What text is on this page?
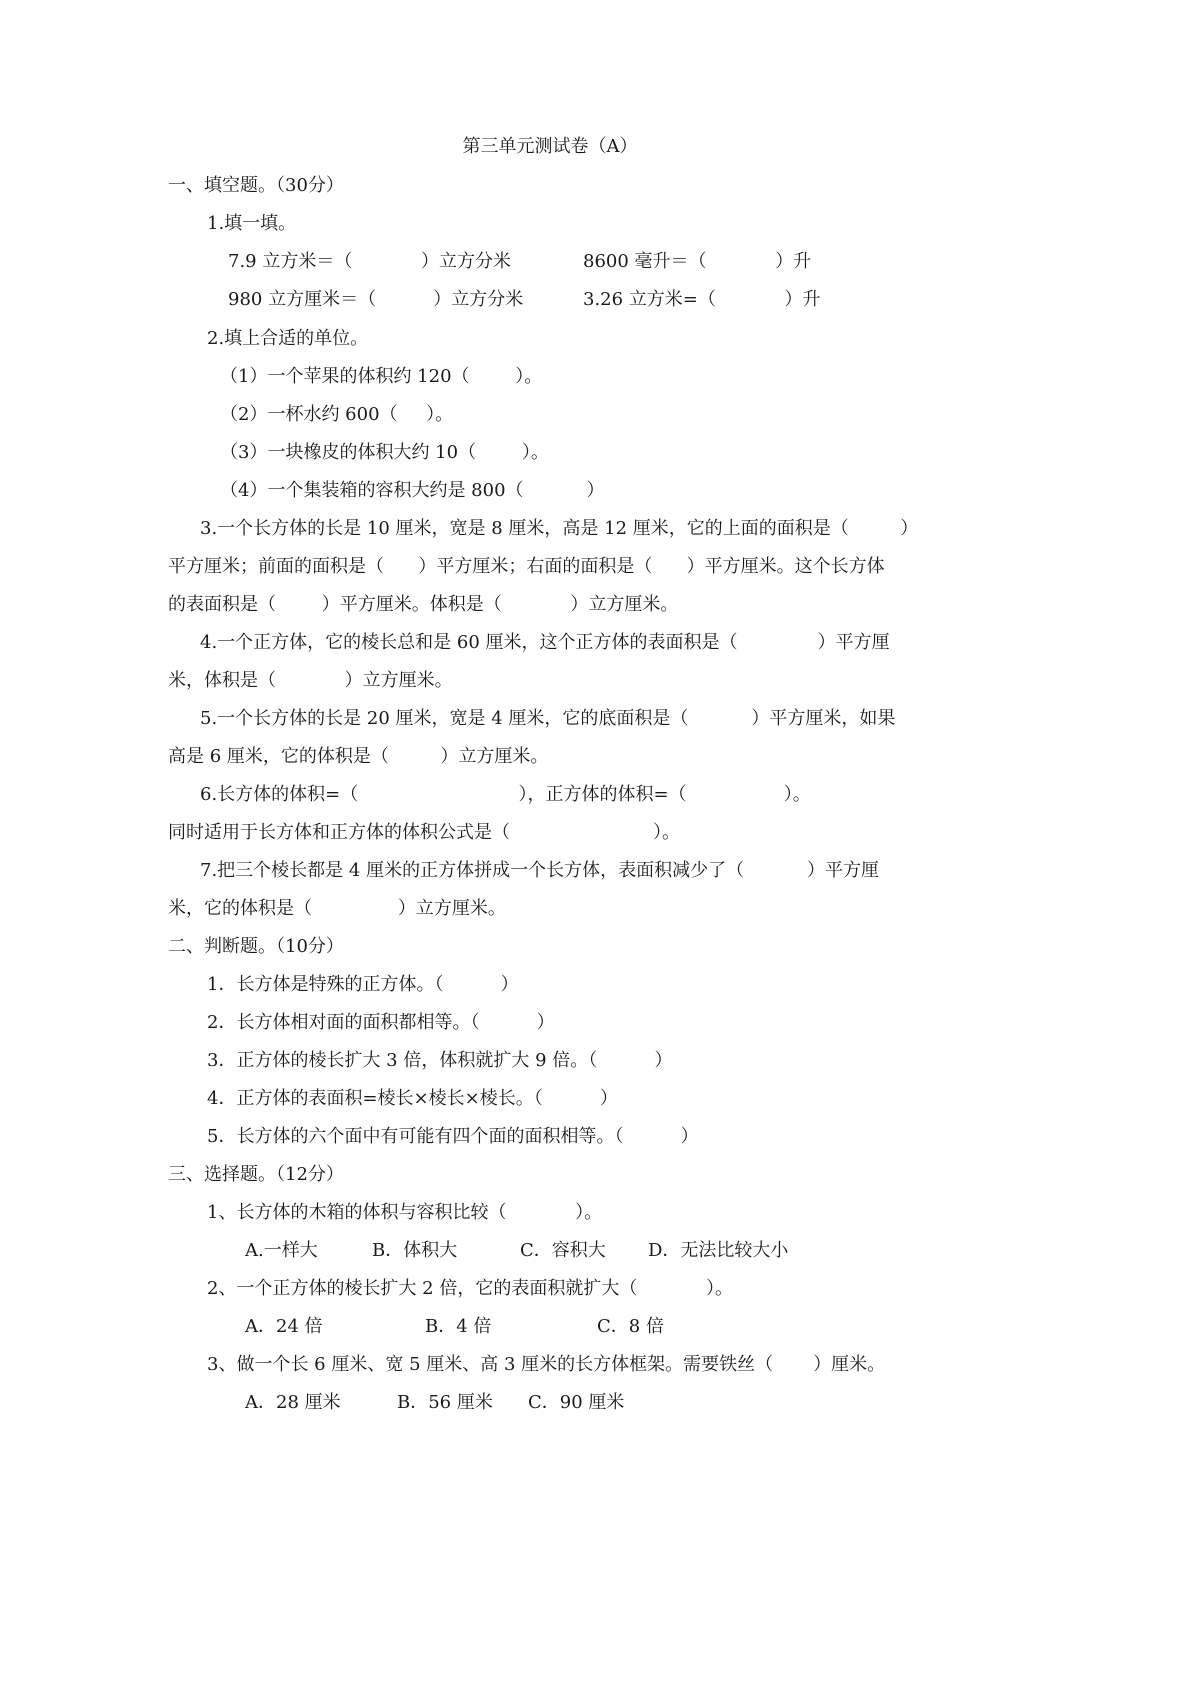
第三单元测试卷（A）
一、填空题。（30分）
1.填一填。
7.9 立方米＝（            ）立方分米	8600 毫升＝（            ）升
980 立方厘米＝（          ）立方分米	3.26 立方米=（            ）升
2.填上合适的单位。
（1）一个苹果的体积约 120（        ）。
（2）一杯水约 600（     ）。
（3）一块橡皮的体积大约 10（        ）。
（4）一个集装箱的容积大约是 800（           ）
3.一个长方体的长是 10 厘米，宽是 8 厘米，高是 12 厘米，它的上面的面积是（         ）
平方厘米；前面的面积是（      ）平方厘米；右面的面积是（      ）平方厘米。这个长方体
的表面积是（        ）平方厘米。体积是（            ）立方厘米。
4.一个正方体，它的棱长总和是 60 厘米，这个正方体的表面积是（              ）平方厘
米，体积是（            ）立方厘米。
5.一个长方体的长是 20 厘米，宽是 4 厘米，它的底面积是（           ）平方厘米，如果
高是 6 厘米，它的体积是（         ）立方厘米。
6.长方体的体积=（                            ），正方体的体积=（                 ）。
同时适用于长方体和正方体的体积公式是（                         ）。
7.把三个棱长都是 4 厘米的正方体拼成一个长方体，表面积减少了（           ）平方厘
米，它的体积是（               ）立方厘米。
二、判断题。（10分）
1．长方体是特殊的正方体。（          ）
2．长方体相对面的面积都相等。（          ）
3．正方体的棱长扩大 3 倍，体积就扩大 9 倍。（          ）
4．正方体的表面积=棱长×棱长×棱长。（          ）
5．长方体的六个面中有可能有四个面的面积相等。（          ）
三、选择题。（12分）
1、长方体的木箱的体积与容积比较（            ）。
A.一样大	B．体积大	C．容积大 D．无法比较大小
2、一个正方体的棱长扩大 2 倍，它的表面积就扩大（            ）。
A．24 倍	B．4 倍	C．8 倍
3、做一个长 6 厘米、宽 5 厘米、高 3 厘米的长方体框架。需要铁丝（       ）厘米。
A．28 厘米	B．56 厘米 C．90 厘米
